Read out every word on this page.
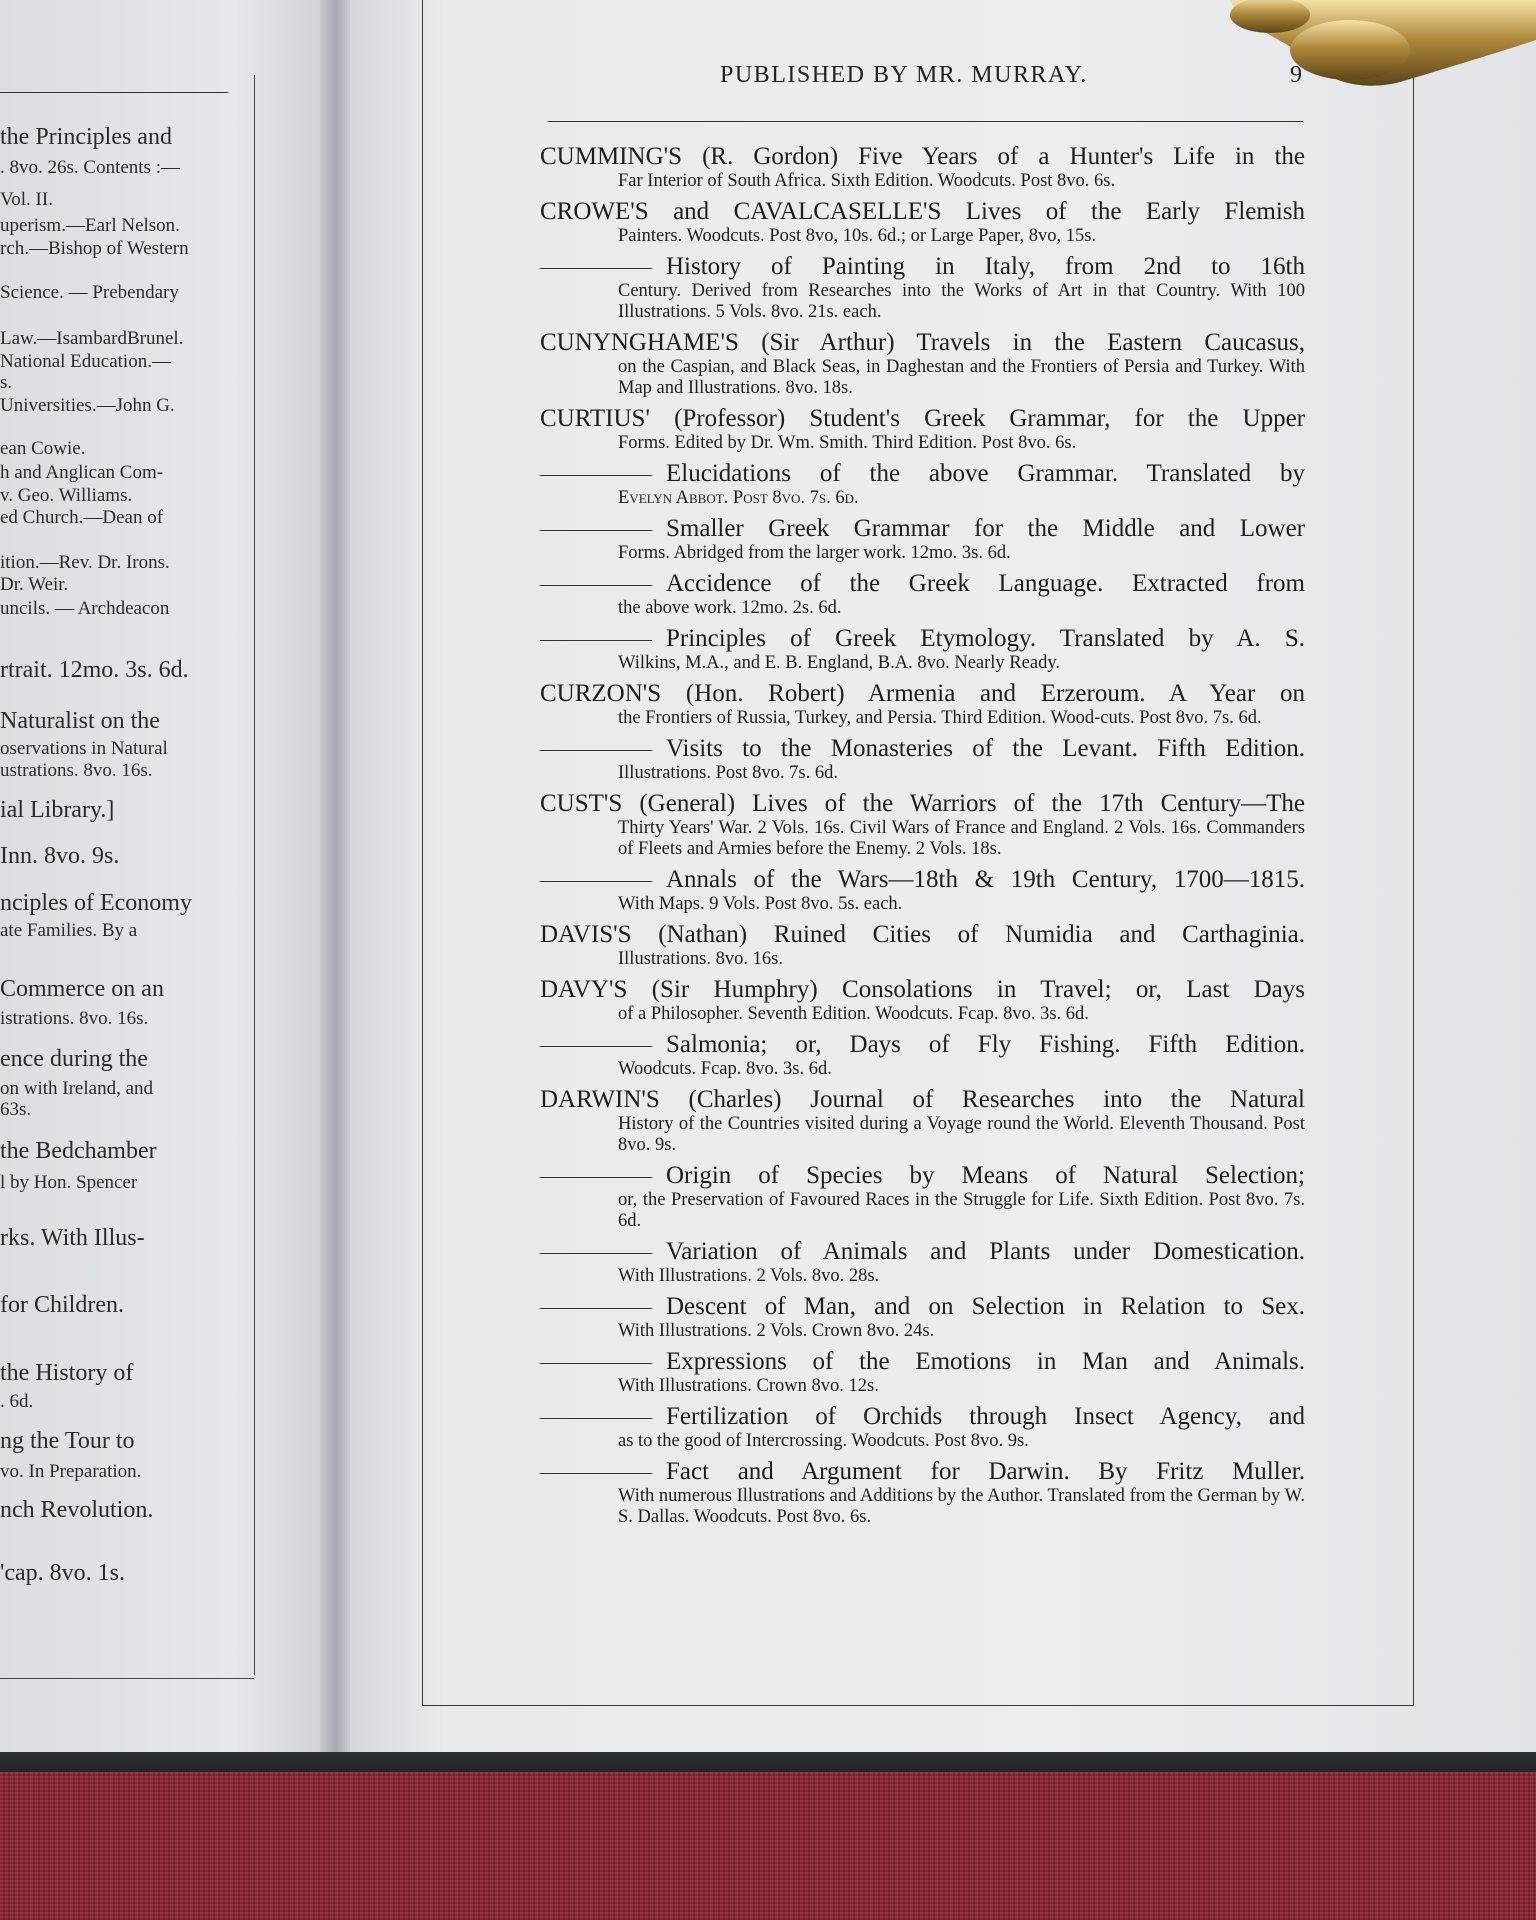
the Principles and
. 8vo. 26s. Contents :—
Vol. II.
uperism.—Earl Nelson.
rch.—Bishop of Western
Science. — Prebendary
Law.—IsambardBrunel.
National Education.—
s.
Universities.—John G.
ean Cowie.
h and Anglican Com-
v. Geo. Williams.
ed Church.—Dean of
ition.—Rev. Dr. Irons.
Dr. Weir.
uncils. — Archdeacon
rtrait. 12mo. 3s. 6d.
Naturalist on the
oservations in Natural
ustrations. 8vo. 16s.
ial Library.]
Inn. 8vo. 9s.
nciples of Economy
ate Families. By a
Commerce on an
istrations. 8vo. 16s.
ence during the
on with Ireland, and
63s.
the Bedchamber
l by Hon. Spencer
rks. With Illus-
for Children.
the History of
. 6d.
ng the Tour to
vo. In Preparation.
nch Revolution.
'cap. 8vo. 1s.
PUBLISHED BY MR. MURRAY.	9
CUMMING'S (R. Gordon) Five Years of a Hunter's Life in the
Far Interior of South Africa. Sixth Edition. Woodcuts. Post 8vo. 6s.
CROWE'S and CAVALCASELLE'S Lives of the Early Flemish
Painters. Woodcuts. Post 8vo, 10s. 6d.; or Large Paper, 8vo, 15s.
History of Painting in Italy, from 2nd to 16th
Century. Derived from Researches into the Works of Art in that Country. With 100 Illustrations. 5 Vols. 8vo. 21s. each.
CUNYNGHAME'S (Sir Arthur) Travels in the Eastern Caucasus,
on the Caspian, and Black Seas, in Daghestan and the Frontiers of Persia and Turkey. With Map and Illustrations. 8vo. 18s.
CURTIUS' (Professor) Student's Greek Grammar, for the Upper
Forms. Edited by Dr. Wm. Smith. Third Edition. Post 8vo. 6s.
Elucidations of the above Grammar. Translated by
Evelyn Abbot. Post 8vo. 7s. 6d.
Smaller Greek Grammar for the Middle and Lower
Forms. Abridged from the larger work. 12mo. 3s. 6d.
Accidence of the Greek Language. Extracted from
the above work. 12mo. 2s. 6d.
Principles of Greek Etymology. Translated by A. S.
Wilkins, M.A., and E. B. England, B.A. 8vo. Nearly Ready.
CURZON'S (Hon. Robert) Armenia and Erzeroum. A Year on
the Frontiers of Russia, Turkey, and Persia. Third Edition. Wood-cuts. Post 8vo. 7s. 6d.
Visits to the Monasteries of the Levant. Fifth Edition.
Illustrations. Post 8vo. 7s. 6d.
CUST'S (General) Lives of the Warriors of the 17th Century—The
Thirty Years' War. 2 Vols. 16s. Civil Wars of France and England. 2 Vols. 16s. Commanders of Fleets and Armies before the Enemy. 2 Vols. 18s.
Annals of the Wars—18th & 19th Century, 1700—1815.
With Maps. 9 Vols. Post 8vo. 5s. each.
DAVIS'S (Nathan) Ruined Cities of Numidia and Carthaginia.
Illustrations. 8vo. 16s.
DAVY'S (Sir Humphry) Consolations in Travel; or, Last Days
of a Philosopher. Seventh Edition. Woodcuts. Fcap. 8vo. 3s. 6d.
Salmonia; or, Days of Fly Fishing. Fifth Edition.
Woodcuts. Fcap. 8vo. 3s. 6d.
DARWIN'S (Charles) Journal of Researches into the Natural
History of the Countries visited during a Voyage round the World. Eleventh Thousand. Post 8vo. 9s.
Origin of Species by Means of Natural Selection;
or, the Preservation of Favoured Races in the Struggle for Life. Sixth Edition. Post 8vo. 7s. 6d.
Variation of Animals and Plants under Domestication.
With Illustrations. 2 Vols. 8vo. 28s.
Descent of Man, and on Selection in Relation to Sex.
With Illustrations. 2 Vols. Crown 8vo. 24s.
Expressions of the Emotions in Man and Animals.
With Illustrations. Crown 8vo. 12s.
Fertilization of Orchids through Insect Agency, and
as to the good of Intercrossing. Woodcuts. Post 8vo. 9s.
Fact and Argument for Darwin. By Fritz Muller.
With numerous Illustrations and Additions by the Author. Translated from the German by W. S. Dallas. Woodcuts. Post 8vo. 6s.
